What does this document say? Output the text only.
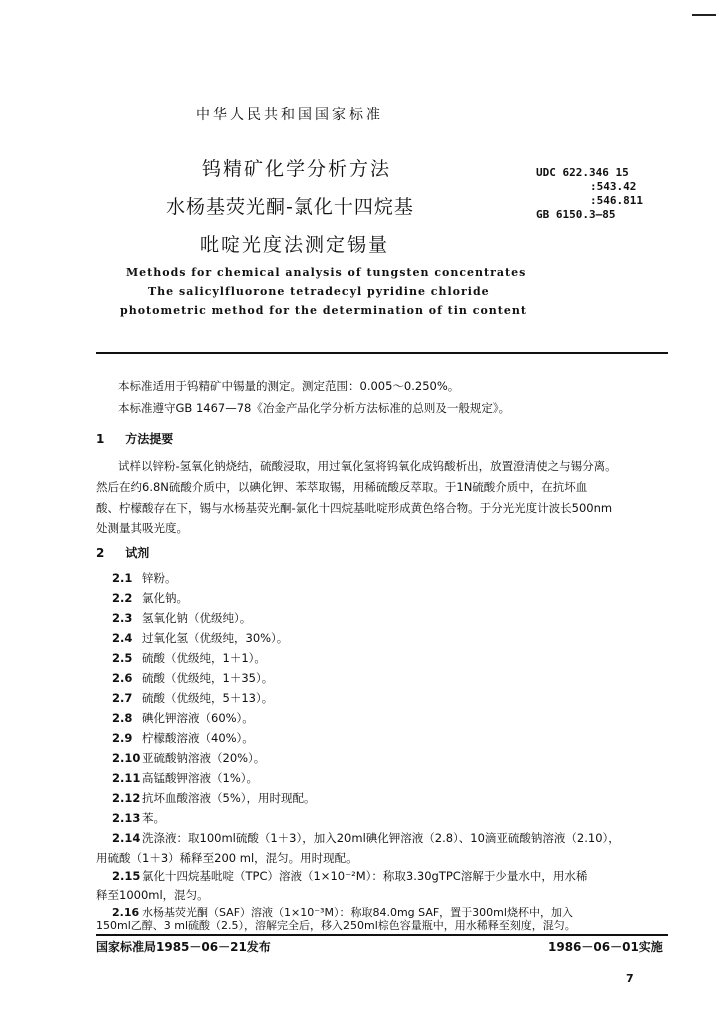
中华人民共和国国家标准
钨精矿化学分析方法
水杨基荧光酮-氯化十四烷基
吡啶光度法测定锡量
UDC 622.346 15
:543.42
:546.811
GB 6150.3—85
Methods for chemical analysis of tungsten concentrates
The salicylfluorone tetradecyl pyridine chloride
photometric method for the determination of tin content
本标准适用于钨精矿中锡量的测定。测定范围：0.005～0.250%。
本标准遵守GB 1467—78《冶金产品化学分析方法标准的总则及一般规定》。
1 方法提要
试样以锌粉-氢氧化钠烧结，硫酸浸取，用过氧化氢将钨氧化成钨酸析出，放置澄清使之与锡分离。
然后在约6.8N硫酸介质中，以碘化钾、苯萃取锡，用稀硫酸反萃取。于1N硫酸介质中，在抗坏血
酸、柠檬酸存在下，锡与水杨基荧光酮-氯化十四烷基吡啶形成黄色络合物。于分光光度计波长500nm
处测量其吸光度。
2 试剂
2.1 锌粉。
2.2 氯化钠。
2.3 氢氧化钠（优级纯）。
2.4 过氧化氢（优级纯，30%）。
2.5 硫酸（优级纯，1＋1）。
2.6 硫酸（优级纯，1＋35）。
2.7 硫酸（优级纯，5＋13）。
2.8 碘化钾溶液（60%）。
2.9 柠檬酸溶液（40%）。
2.10 亚硫酸钠溶液（20%）。
2.11 高锰酸钾溶液（1%）。
2.12 抗坏血酸溶液（5%），用时现配。
2.13 苯。
2.14 洗涤液：取100ml硫酸（1＋3），加入20ml碘化钾溶液（2.8）、10滴亚硫酸钠溶液（2.10），
用硫酸（1＋3）稀释至200 ml，混匀。用时现配。
2.15 氯化十四烷基吡啶（TPC）溶液（1×10⁻²M）：称取3.30gTPC溶解于少量水中，用水稀
释至1000ml，混匀。
2.16 水杨基荧光酮（SAF）溶液（1×10⁻³M）：称取84.0mg SAF，置于300ml烧杯中，加入
150ml乙醇、3 ml硫酸（2.5），溶解完全后，移入250ml棕色容量瓶中，用水稀释至刻度，混匀。
国家标准局1985－06－21发布	1986－06－01实施
7
